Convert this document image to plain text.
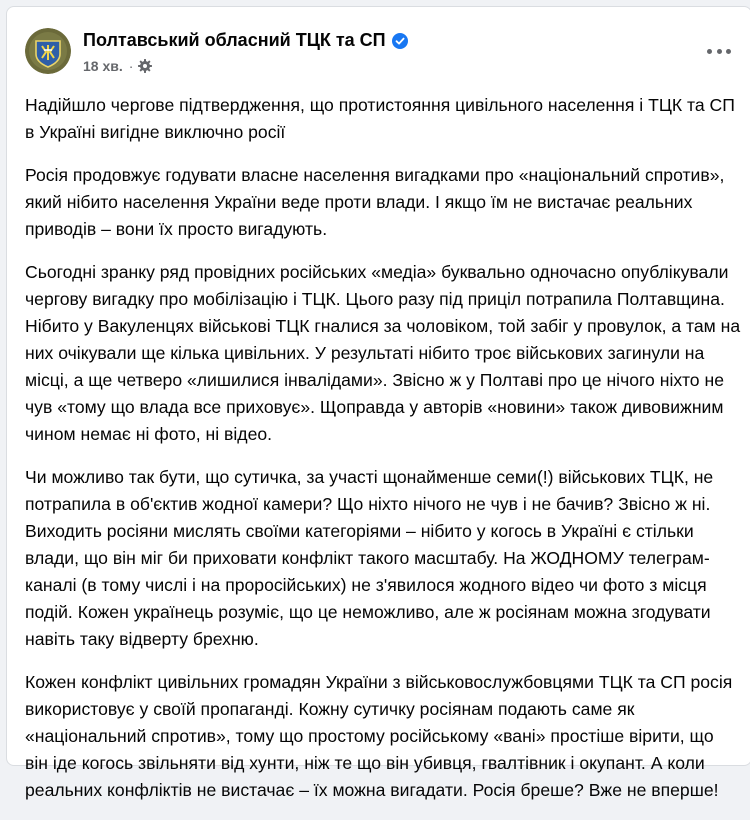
Полтавський обласний ТЦК та СП
18 хв. ·

Надійшло чергове підтвердження, що протистояння цивільного населення і ТЦК та СП в Україні вигідне виключно росії

Росія продовжує годувати власне населення вигадками про «національний спротив», який нібито населення України веде проти влади. І якщо їм не вистачає реальних приводів – вони їх просто вигадують.

Сьогодні зранку ряд провідних російських «медіа» буквально одночасно опублікували чергову вигадку про мобілізацію і ТЦК. Цього разу під приціл потрапила Полтавщина. Нібито у Вакуленцях військові ТЦК гналися за чоловіком, той забіг у провулок, а там на них очікували ще кілька цивільних. У результаті нібито троє військових загинули на місці, а ще четверо «лишилися інвалідами». Звісно ж у Полтаві про це нічого ніхто не чув «тому що влада все приховує». Щоправда у авторів «новини» також дивовижним чином немає ні фото, ні відео.

Чи можливо так бути, що сутичка, за участі щонайменше семи(!) військових ТЦК, не потрапила в об'єктив жодної камери? Що ніхто нічого не чув і не бачив? Звісно ж ні. Виходить росіяни мислять своїми категоріями – нібито у когось в Україні є стільки влади, що він міг би приховати конфлікт такого масштабу. На ЖОДНОМУ телеграм-каналі (в тому числі і на проросійських) не з'явилося жодного відео чи фото з місця подій. Кожен українець розуміє, що це неможливо, але ж росіянам можна згодувати навіть таку відверту брехню.

Кожен конфлікт цивільних громадян України з військовослужбовцями ТЦК та СП росія використовує у своїй пропаганді. Кожну сутичку росіянам подають саме як «національний спротив», тому що простому російському «вані» простіше вірити, що він іде когось звільняти від хунти, ніж те що він убивця, гвалтівник і окупант. А коли реальних конфліктів не вистачає – їх можна вигадати. Росія бреше? Вже не вперше!
